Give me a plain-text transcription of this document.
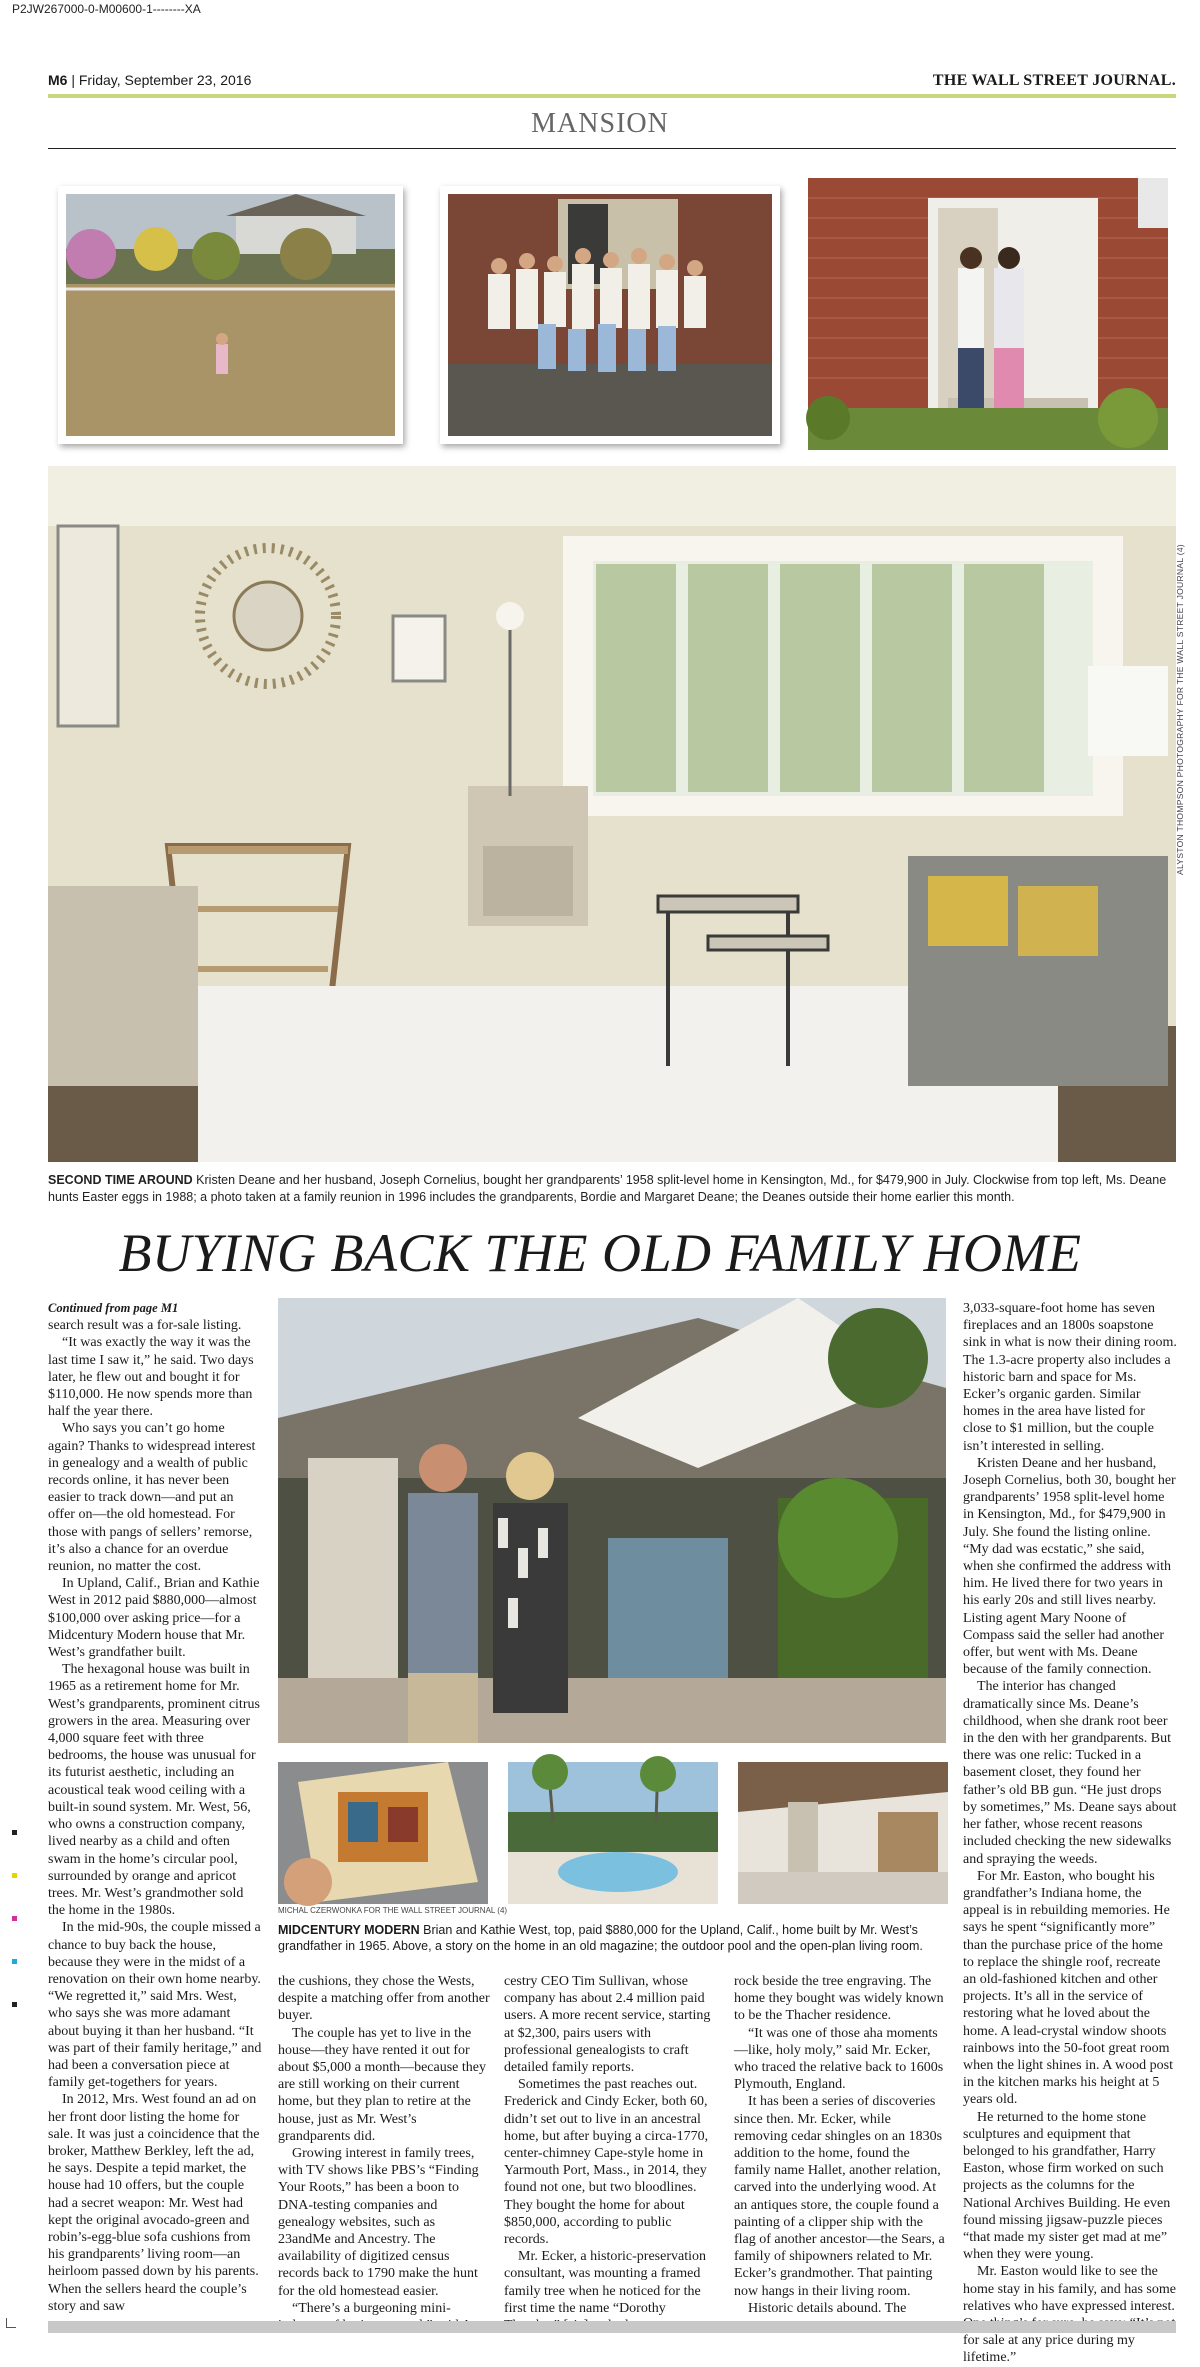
P2JW267000-0-M00600-1--------XA
M6 | Friday, September 23, 2016	THE WALL STREET JOURNAL.
MANSION
ALYSTON THOMPSON PHOTOGRAPHY FOR THE WALL STREET JOURNAL (4)
SECOND TIME AROUND Kristen Deane and her husband, Joseph Cornelius, bought her grandparents’ 1958 split-level home in Kensington, Md., for $479,900 in July. Clockwise from top left, Ms. Deane hunts Easter eggs in 1988; a photo taken at a family reunion in 1996 includes the grandparents, Bordie and Margaret Deane; the Deanes outside their home earlier this month.
BUYING BACK THE OLD FAMILY HOME

Continued from page M1

search result was a for-sale listing.

“It was exactly the way it was the last time I saw it,” he said. Two days later, he flew out and bought it for $110,000. He now spends more than half the year there.

Who says you can’t go home again? Thanks to widespread interest in genealogy and a wealth of public records online, it has never been easier to track down—and put an offer on—the old homestead. For those with pangs of sellers’ remorse, it’s also a chance for an overdue reunion, no matter the cost.

In Upland, Calif., Brian and Kathie West in 2012 paid $880,000—almost $100,000 over asking price—for a Midcentury Modern house that Mr. West’s grandfather built.

The hexagonal house was built in 1965 as a retirement home for Mr. West’s grandparents, prominent citrus growers in the area. Measuring over 4,000 square feet with three bedrooms, the house was unusual for its futurist aesthetic, including an acoustical teak wood ceiling with a built-in sound system. Mr. West, 56, who owns a construction company, lived nearby as a child and often swam in the home’s circular pool, surrounded by orange and apricot trees. Mr. West’s grandmother sold the home in the 1980s.

In the mid-90s, the couple missed a chance to buy back the house, because they were in the midst of a renovation on their own home nearby. “We regretted it,” said Mrs. West, who says she was more adamant about buying it than her husband. “It was part of their family heritage,” and had been a conversation piece at family get-togethers for years.

In 2012, Mrs. West found an ad on her front door listing the home for sale. It was just a coincidence that the broker, Matthew Berkley, left the ad, he says. Despite a tepid market, the house had 10 offers, but the couple had a secret weapon: Mr. West had kept the original avocado-green and robin’s-egg-blue sofa cushions from his grandparents’ living room—an heirloom passed down by his parents. When the sellers heard the couple’s story and saw

MICHAL CZERWONKA FOR THE WALL STREET JOURNAL (4)
MIDCENTURY MODERN Brian and Kathie West, top, paid $880,000 for the Upland, Calif., home built by Mr. West’s grandfather in 1965. Above, a story on the home in an old magazine; the outdoor pool and the open-plan living room.

the cushions, they chose the Wests, despite a matching offer from another buyer.

The couple has yet to live in the house—they have rented it out for about $5,000 a month—because they are still working on their current home, but they plan to retire at the house, just as Mr. West’s grandparents did.

Growing interest in family trees, with TV shows like PBS’s “Finding Your Roots,” has been a boon to DNA-testing companies and genealogy websites, such as 23andMe and Ancestry. The availability of digitized census records back to 1790 make the hunt for the old homestead easier.

“There’s a burgeoning mini-

cestry CEO Tim Sullivan, whose company has about 2.4 million paid users. A more recent service, starting at $2,300, pairs users with professional genealogists to craft detailed family reports.

Sometimes the past reaches out. Frederick and Cindy Ecker, both 60, didn’t set out to live in an ancestral home, but after buying a circa-1770, center-chimney Cape-style home in Yarmouth Port, Mass., in 2014, they found not one, but two bloodlines. They bought the home for about $850,000, according to public records.

Mr. Ecker, a historic-preservation consultant, was mounting a framed family tree when he noticed for the first time the name “Dorothy

rock beside the tree engraving. The home they bought was widely known to be the Thacher residence.

“It was one of those aha moments—like, holy moly,” said Mr. Ecker, who traced the relative back to 1600s Plymouth, England.

It has been a series of discoveries since then. Mr. Ecker, while removing cedar shingles on an 1830s addition to the home, found the family name Hallet, another relation, carved into the underlying wood. At an antiques store, the couple found a painting of a clipper ship with the flag of another ancestor—the Sears, a family of shipowners related to Mr. Ecker’s grandmother. That painting now hangs in their living room.

Historic details abound. The

3,033-square-foot home has seven fireplaces and an 1800s soapstone sink in what is now their dining room. The 1.3-acre property also includes a historic barn and space for Ms. Ecker’s organic garden. Similar homes in the area have listed for close to $1 million, but the couple isn’t interested in selling.

Kristen Deane and her husband, Joseph Cornelius, both 30, bought her grandparents’ 1958 split-level home in Kensington, Md., for $479,900 in July. She found the listing online. “My dad was ecstatic,” she said, when she confirmed the address with him. He lived there for two years in his early 20s and still lives nearby. Listing agent Mary Noone of Compass said the seller had another offer, but went with Ms. Deane because of the family connection.

The interior has changed dramatically since Ms. Deane’s childhood, when she drank root beer in the den with her grandparents. But there was one relic: Tucked in a basement closet, they found her father’s old BB gun. “He just drops by sometimes,” Ms. Deane says about her father, whose recent reasons included checking the new sidewalks and spraying the weeds.

For Mr. Easton, who bought his grandfather’s Indiana home, the appeal is in rebuilding memories. He says he spent “significantly more” than the purchase price of the home to replace the shingle roof, recreate an old-fashioned kitchen and other projects. It’s all in the service of restoring what he loved about the home. A lead-crystal window shoots rainbows into the 50-foot great room when the light shines in. A wood post in the kitchen marks his height at 5 years old.

He returned to the home stone sculptures and equipment that belonged to his grandfather, Harry Easton, whose firm worked on such projects as the columns for the National Archives Building. He even found missing jigsaw-puzzle pieces “that made my sister get mad at me” when they were young.

Mr. Easton would like to see the home stay in his family, and has some relatives who have expressed interest. for sale at any price during my lifetime.”
